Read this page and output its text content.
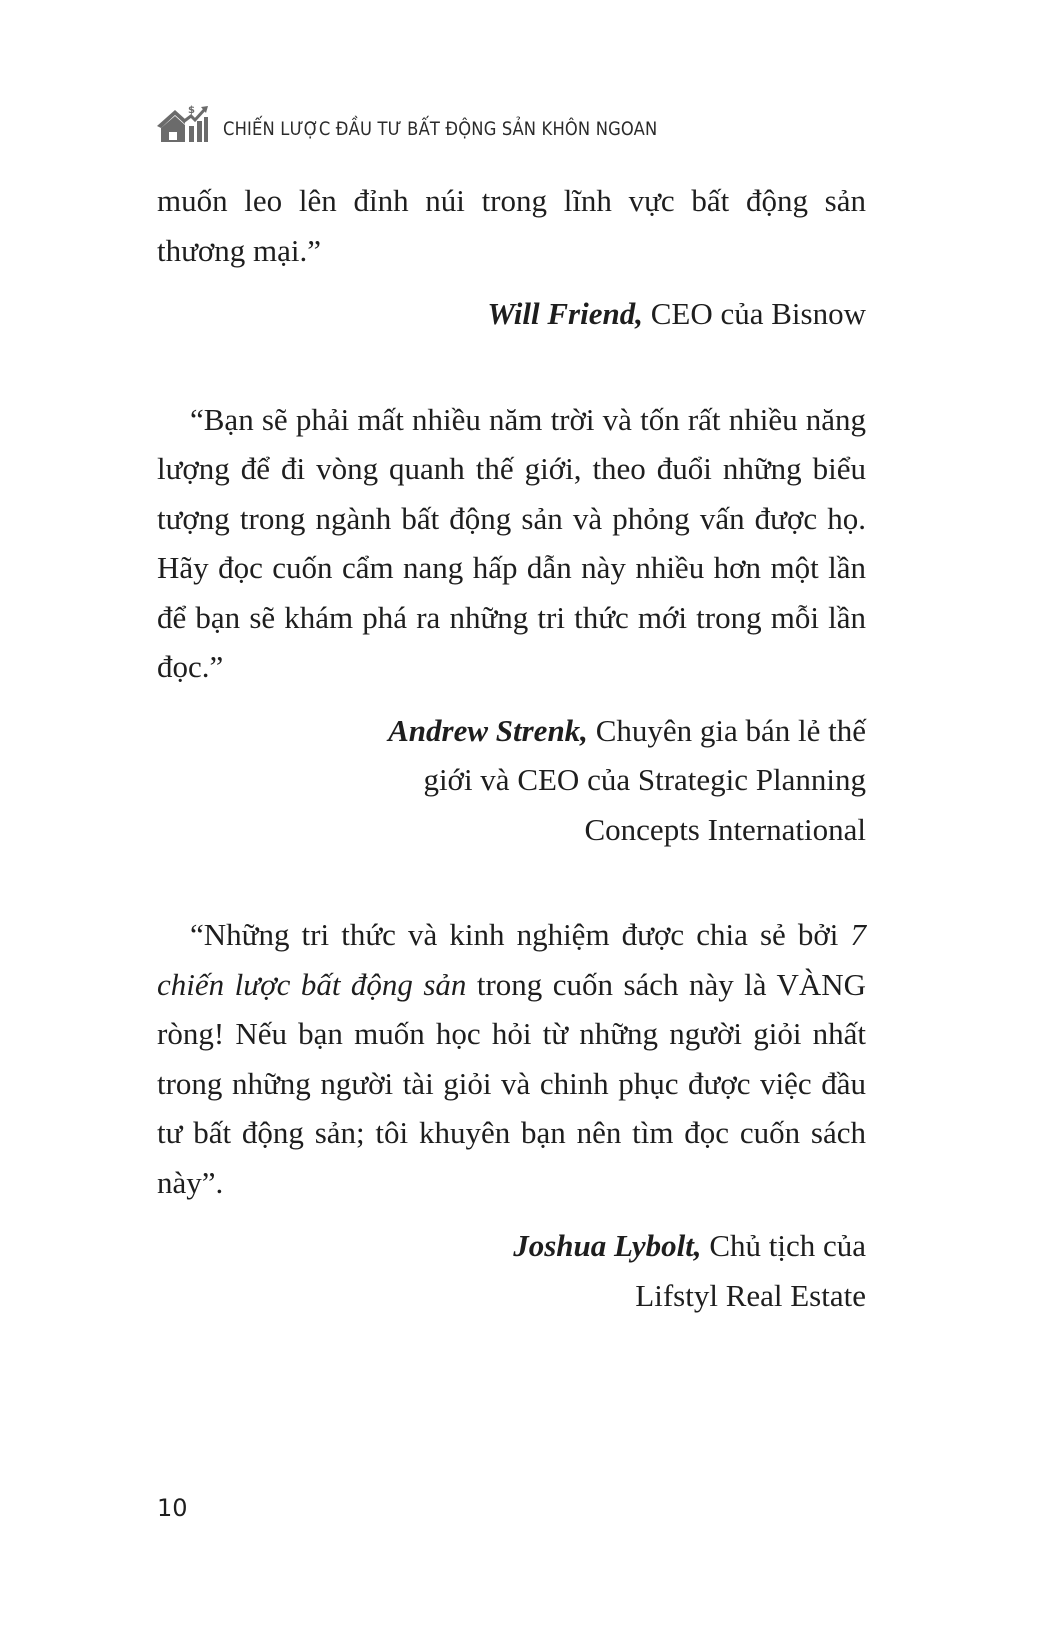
$
CHIẾN LƯỢC ĐẦU TƯ BẤT ĐỘNG SẢN KHÔN NGOAN

muốn leo lên đỉnh núi trong lĩnh vực bất động sản thương mại.”

Will Friend, CEO của Bisnow

“Bạn sẽ phải mất nhiều năm trời và tốn rất nhiều năng lượng để đi vòng quanh thế giới, theo đuổi những biểu tượng trong ngành bất động sản và phỏng vấn được họ. Hãy đọc cuốn cẩm nang hấp dẫn này nhiều hơn một lần để bạn sẽ khám phá ra những tri thức mới trong mỗi lần đọc.”

Andrew Strenk, Chuyên gia bán lẻ thế
giới và CEO của Strategic Planning
Concepts International

“Những tri thức và kinh nghiệm được chia sẻ bởi 7 chiến lược bất động sản trong cuốn sách này là VÀNG ròng! Nếu bạn muốn học hỏi từ những người giỏi nhất trong những người tài giỏi và chinh phục được việc đầu tư bất động sản; tôi khuyên bạn nên tìm đọc cuốn sách này”.

Joshua Lybolt, Chủ tịch của
Lifstyl Real Estate

10
